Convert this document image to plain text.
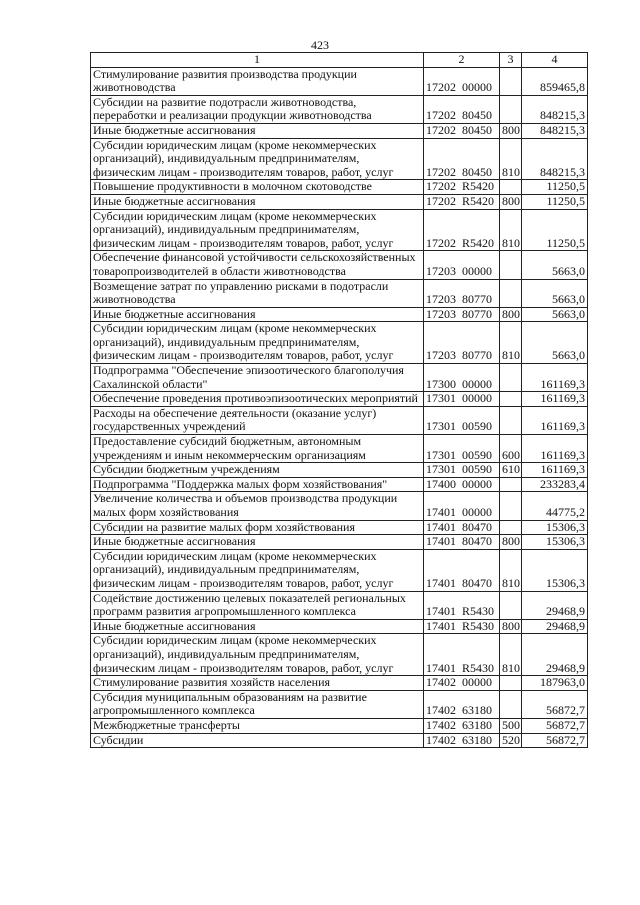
423
1	2	3	4
Стимулирование развития производства продукции животноводства	17202 00000		859465,8
Субсидии на развитие подотрасли животноводства, переработки и реализации продукции животноводства	17202 80450		848215,3
Иные бюджетные ассигнования	17202 80450	800	848215,3
Субсидии юридическим лицам (кроме некоммерческих организаций), индивидуальным предпринимателям, физическим лицам - производителям товаров, работ, услуг	17202 80450	810	848215,3
Повышение продуктивности в молочном скотоводстве	17202 R5420		11250,5
Иные бюджетные ассигнования	17202 R5420	800	11250,5
Субсидии юридическим лицам (кроме некоммерческих организаций), индивидуальным предпринимателям, физическим лицам - производителям товаров, работ, услуг	17202 R5420	810	11250,5
Обеспечение финансовой устойчивости сельскохозяйственных товаропроизводителей в области животноводства	17203 00000		5663,0
Возмещение затрат по управлению рисками в подотрасли животноводства	17203 80770		5663,0
Иные бюджетные ассигнования	17203 80770	800	5663,0
Субсидии юридическим лицам (кроме некоммерческих организаций), индивидуальным предпринимателям, физическим лицам - производителям товаров, работ, услуг	17203 80770	810	5663,0
Подпрограмма "Обеспечение эпизоотического благополучия Сахалинской области"	17300 00000		161169,3
Обеспечение проведения противоэпизоотических мероприятий	17301 00000		161169,3
Расходы на обеспечение деятельности (оказание услуг) государственных учреждений	17301 00590		161169,3
Предоставление субсидий бюджетным, автономным учреждениям и иным некоммерческим организациям	17301 00590	600	161169,3
Субсидии бюджетным учреждениям	17301 00590	610	161169,3
Подпрограмма "Поддержка малых форм хозяйствования"	17400 00000		233283,4
Увеличение количества и объемов производства продукции малых форм хозяйствования	17401 00000		44775,2
Субсидии на развитие малых форм хозяйствования	17401 80470		15306,3
Иные бюджетные ассигнования	17401 80470	800	15306,3
Субсидии юридическим лицам (кроме некоммерческих организаций), индивидуальным предпринимателям, физическим лицам - производителям товаров, работ, услуг	17401 80470	810	15306,3
Содействие достижению целевых показателей региональных программ развития агропромышленного комплекса	17401 R5430		29468,9
Иные бюджетные ассигнования	17401 R5430	800	29468,9
Субсидии юридическим лицам (кроме некоммерческих организаций), индивидуальным предпринимателям, физическим лицам - производителям товаров, работ, услуг	17401 R5430	810	29468,9
Стимулирование развития хозяйств населения	17402 00000		187963,0
Субсидия муниципальным образованиям на развитие агропромышленного комплекса	17402 63180		56872,7
Межбюджетные трансферты	17402 63180	500	56872,7
Субсидии	17402 63180	520	56872,7
